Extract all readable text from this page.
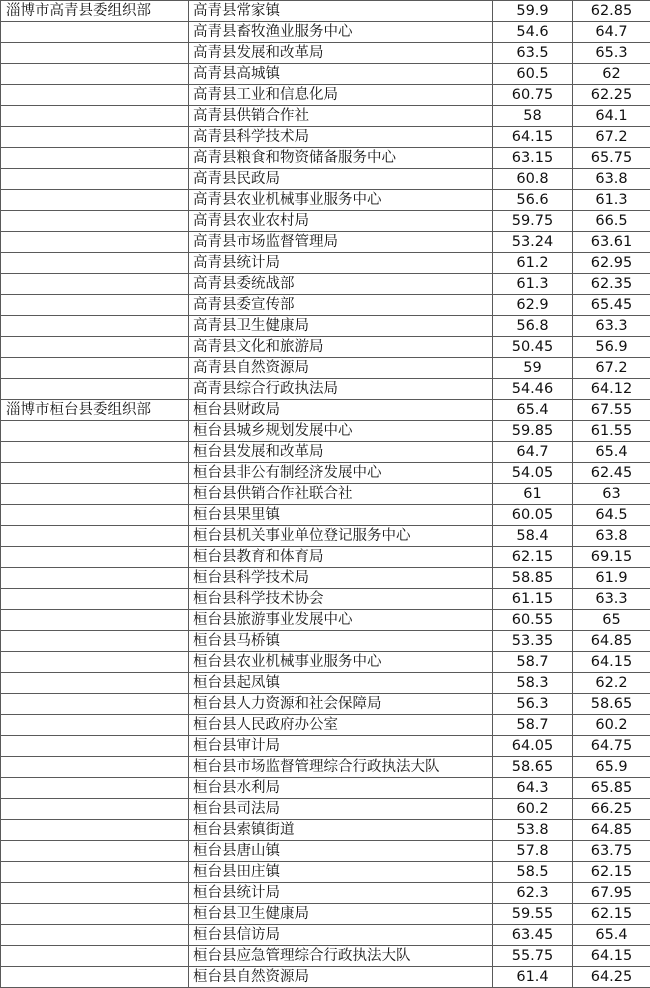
淄博市高青县委组织部	高青县常家镇	59.9	62.85
	高青县畜牧渔业服务中心	54.6	64.7
	高青县发展和改革局	63.5	65.3
	高青县高城镇	60.5	62
	高青县工业和信息化局	60.75	62.25
	高青县供销合作社	58	64.1
	高青县科学技术局	64.15	67.2
	高青县粮食和物资储备服务中心	63.15	65.75
	高青县民政局	60.8	63.8
	高青县农业机械事业服务中心	56.6	61.3
	高青县农业农村局	59.75	66.5
	高青县市场监督管理局	53.24	63.61
	高青县统计局	61.2	62.95
	高青县委统战部	61.3	62.35
	高青县委宣传部	62.9	65.45
	高青县卫生健康局	56.8	63.3
	高青县文化和旅游局	50.45	56.9
	高青县自然资源局	59	67.2
	高青县综合行政执法局	54.46	64.12
淄博市桓台县委组织部	桓台县财政局	65.4	67.55
	桓台县城乡规划发展中心	59.85	61.55
	桓台县发展和改革局	64.7	65.4
	桓台县非公有制经济发展中心	54.05	62.45
	桓台县供销合作社联合社	61	63
	桓台县果里镇	60.05	64.5
	桓台县机关事业单位登记服务中心	58.4	63.8
	桓台县教育和体育局	62.15	69.15
	桓台县科学技术局	58.85	61.9
	桓台县科学技术协会	61.15	63.3
	桓台县旅游事业发展中心	60.55	65
	桓台县马桥镇	53.35	64.85
	桓台县农业机械事业服务中心	58.7	64.15
	桓台县起凤镇	58.3	62.2
	桓台县人力资源和社会保障局	56.3	58.65
	桓台县人民政府办公室	58.7	60.2
	桓台县审计局	64.05	64.75
	桓台县市场监督管理综合行政执法大队	58.65	65.9
	桓台县水利局	64.3	65.85
	桓台县司法局	60.2	66.25
	桓台县索镇街道	53.8	64.85
	桓台县唐山镇	57.8	63.75
	桓台县田庄镇	58.5	62.15
	桓台县统计局	62.3	67.95
	桓台县卫生健康局	59.55	62.15
	桓台县信访局	63.45	65.4
	桓台县应急管理综合行政执法大队	55.75	64.15
	桓台县自然资源局	61.4	64.25
